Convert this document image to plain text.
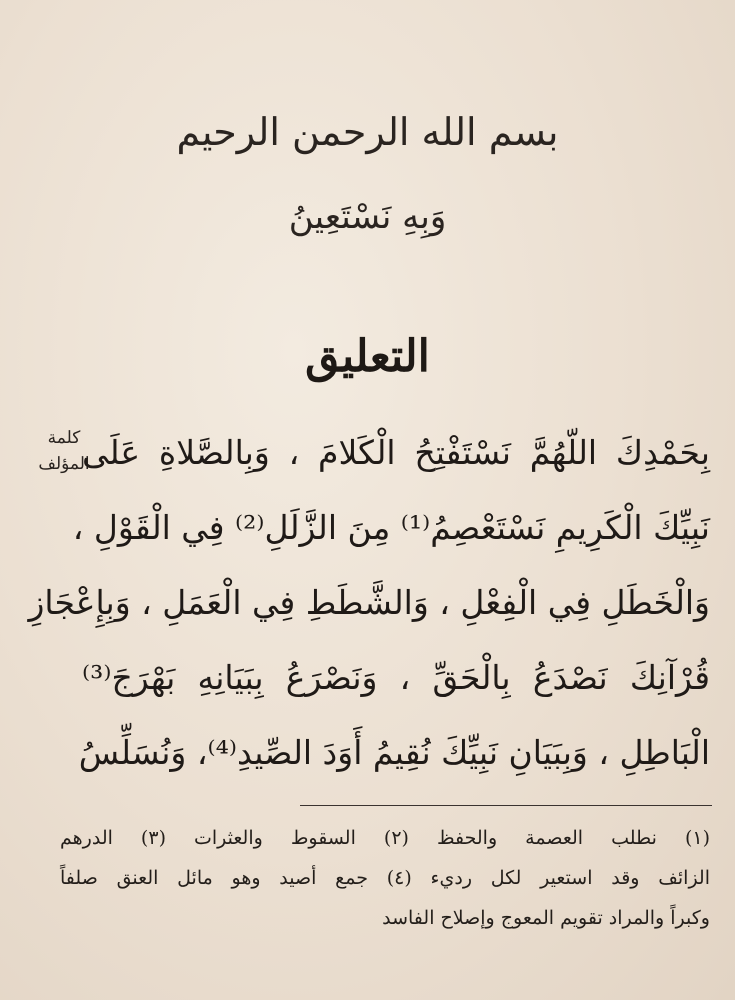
بسم الله الرحمن الرحيم
وَبِهِ نَسْتَعِينُ
التعليق
كلمة
المؤلف
بِحَمْدِكَ اللّهُمَّ نَسْتَفْتِحُ الْكَلامَ ، وَبِالصَّلاةِ عَلَى
نَبِيِّكَ الْكَرِيمِ نَسْتَعْصِمُ⁽¹⁾ مِنَ الزَّلَلِ⁽²⁾ فِي الْقَوْلِ ،
وَالْخَطَلِ فِي الْفِعْلِ ، وَالشَّطَطِ فِي الْعَمَلِ ، وَبِإِعْجَازِ
قُرْآنِكَ نَصْدَعُ بِالْحَقِّ ، وَنَصْرَعُ بِبَيَانِهِ بَهْرَجَ⁽³⁾
الْبَاطِلِ ، وَبِبَيَانِ نَبِيِّكَ نُقِيمُ أَوَدَ الصِّيدِ⁽⁴⁾، وَنُسَلِّسُ
(١) نطلب العصمة والحفظ (٢) السقوط والعثرات (٣) الدرهم
الزائف وقد استعير لكل رديء (٤) جمع أصيد وهو مائل العنق صلفاً
وكبراً والمراد تقويم المعوج وإصلاح الفاسد
